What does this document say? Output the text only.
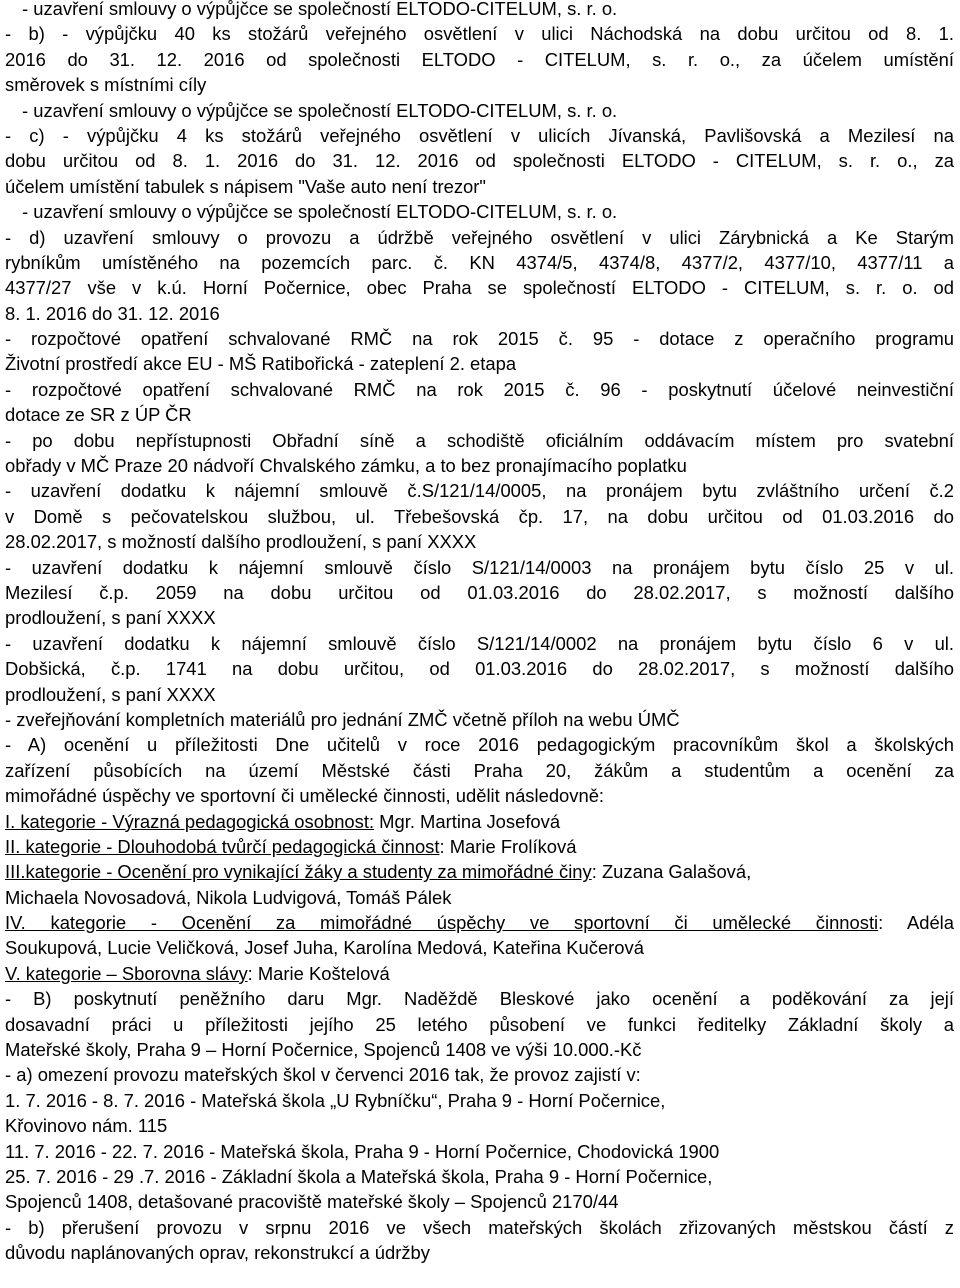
- uzavření smlouvy o výpůjčce se společností ELTODO-CITELUM, s. r. o.
- b) - výpůjčku 40 ks stožárů veřejného osvětlení v ulici Náchodská na dobu určitou od 8. 1.
2016 do 31. 12. 2016 od společnosti ELTODO - CITELUM, s. r. o., za účelem umístění
směrovek s místními cíly
- uzavření smlouvy o výpůjčce se společností ELTODO-CITELUM, s. r. o.
- c) - výpůjčku 4 ks stožárů veřejného osvětlení v ulicích Jívanská, Pavlišovská a Mezilesí na
dobu určitou od 8. 1. 2016 do 31. 12. 2016 od společnosti ELTODO - CITELUM, s. r. o., za
účelem umístění tabulek s nápisem "Vaše auto není trezor"
- uzavření smlouvy o výpůjčce se společností ELTODO-CITELUM, s. r. o.
- d) uzavření smlouvy o provozu a údržbě veřejného osvětlení v ulici Zárybnická a Ke Starým
rybníkům umístěného na pozemcích parc. č. KN 4374/5, 4374/8, 4377/2, 4377/10, 4377/11 a
4377/27 vše v k.ú. Horní Počernice, obec Praha se společností ELTODO - CITELUM, s. r. o. od
8. 1. 2016 do 31. 12. 2016
- rozpočtové opatření schvalované RMČ na rok 2015 č. 95 - dotace z operačního programu
Životní prostředí akce EU - MŠ Ratibořická - zateplení 2. etapa
- rozpočtové opatření schvalované RMČ na rok 2015 č. 96 - poskytnutí účelové neinvestiční
dotace ze SR z ÚP ČR
- po dobu nepřístupnosti Obřadní síně a schodiště oficiálním oddávacím místem pro svatební
obřady v MČ Praze 20 nádvoří Chvalského zámku, a to bez pronajímacího poplatku
- uzavření dodatku k nájemní smlouvě č.S/121/14/0005, na pronájem bytu zvláštního určení č.2
v Domě s pečovatelskou službou, ul. Třebešovská čp. 17, na dobu určitou od 01.03.2016 do
28.02.2017, s možností dalšího prodloužení, s paní XXXX
- uzavření dodatku k nájemní smlouvě číslo S/121/14/0003 na pronájem bytu číslo 25 v ul.
Mezilesí č.p. 2059 na dobu určitou od 01.03.2016 do 28.02.2017, s možností dalšího
prodloužení, s paní XXXX
- uzavření dodatku k nájemní smlouvě číslo S/121/14/0002 na pronájem bytu číslo 6 v ul.
Dobšická, č.p. 1741 na dobu určitou, od 01.03.2016 do 28.02.2017, s možností dalšího
prodloužení, s paní XXXX
- zveřejňování kompletních materiálů pro jednání ZMČ včetně příloh na webu ÚMČ
- A) ocenění u příležitosti Dne učitelů v roce 2016 pedagogickým pracovníkům škol a školských
zařízení působících na území Městské části Praha 20, žákům a studentům a ocenění za
mimořádné úspěchy ve sportovní či umělecké činnosti, udělit následovně:
I. kategorie - Výrazná pedagogická osobnost: Mgr. Martina Josefová
II. kategorie - Dlouhodobá tvůrčí pedagogická činnost: Marie Frolíková
III.kategorie - Ocenění pro vynikající žáky a studenty za mimořádné činy: Zuzana Galašová,
Michaela Novosadová, Nikola Ludvigová, Tomáš Pálek
IV. kategorie - Ocenění za mimořádné úspěchy ve sportovní či umělecké činnosti: Adéla
Soukupová, Lucie Veličková, Josef Juha, Karolína Medová, Kateřina Kučerová
V. kategorie – Sborovna slávy: Marie Koštelová
- B) poskytnutí peněžního daru Mgr. Naděždě Bleskové jako ocenění a poděkování za její
dosavadní práci u příležitosti jejího 25 letého působení ve funkci ředitelky Základní školy a
Mateřské školy, Praha 9 – Horní Počernice, Spojenců 1408 ve výši 10.000.-Kč
- a) omezení provozu mateřských škol v červenci 2016 tak, že provoz zajistí v:
1. 7. 2016 - 8. 7. 2016 - Mateřská škola „U Rybníčku“, Praha 9 - Horní Počernice,
Křovinovo nám. 115
11. 7. 2016 - 22. 7. 2016 - Mateřská škola, Praha 9 - Horní Počernice, Chodovická 1900
25. 7. 2016 - 29 .7. 2016 - Základní škola a Mateřská škola, Praha 9 - Horní Počernice,
Spojenců 1408, detašované pracoviště mateřské školy – Spojenců 2170/44
- b) přerušení provozu v srpnu 2016 ve všech mateřských školách zřizovaných městskou částí z
důvodu naplánovaných oprav, rekonstrukcí a údržby
